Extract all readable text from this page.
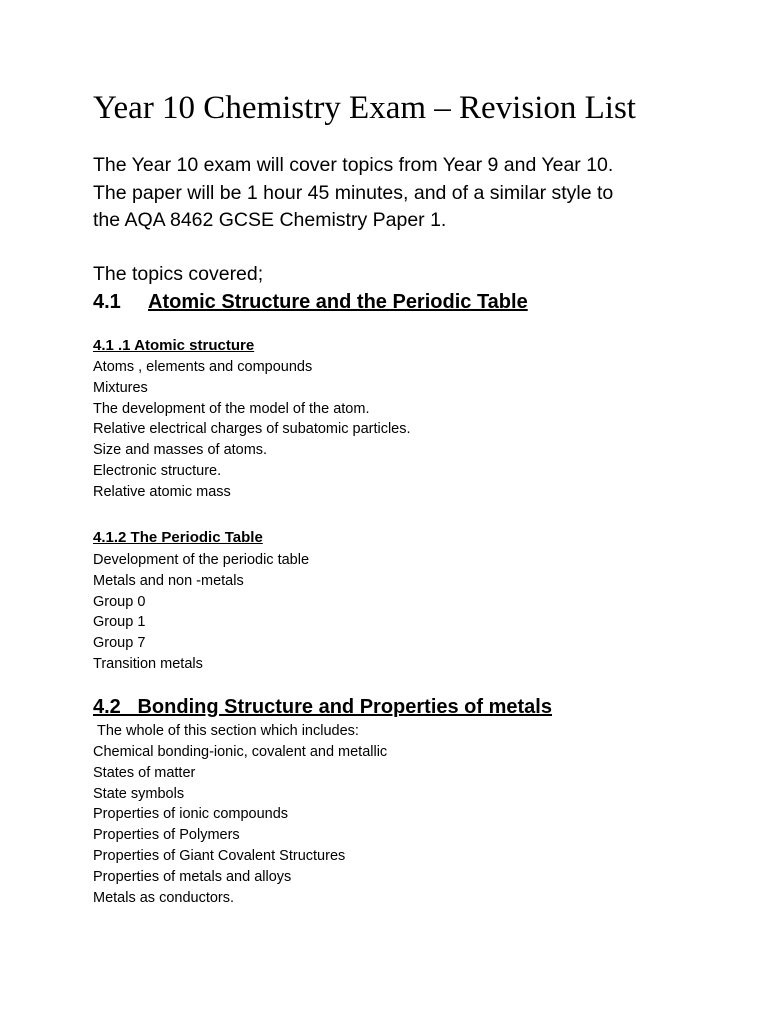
Year 10 Chemistry Exam – Revision List
The Year 10 exam will cover topics from Year 9 and Year 10.
The paper will be 1 hour 45 minutes, and of a similar style to
the AQA 8462 GCSE Chemistry Paper 1.

The topics covered;

4.1 Atomic Structure and the Periodic Table
4.1 .1 Atomic structure
Atoms , elements and compounds
Mixtures
The development of the model of the atom.
Relative electrical charges of subatomic particles.
Size and masses of atoms.
Electronic structure.
Relative atomic mass
4.1.2 The Periodic Table
Development of the periodic table
Metals and non -metals
Group 0
Group 1
Group 7
Transition metals
4.2   Bonding Structure and Properties of metals

The whole of this section which includes:

Chemical bonding-ionic, covalent and metallic
States of matter
State symbols
Properties of ionic compounds
Properties of Polymers
Properties of Giant Covalent Structures
Properties of metals and alloys
Metals as conductors.
